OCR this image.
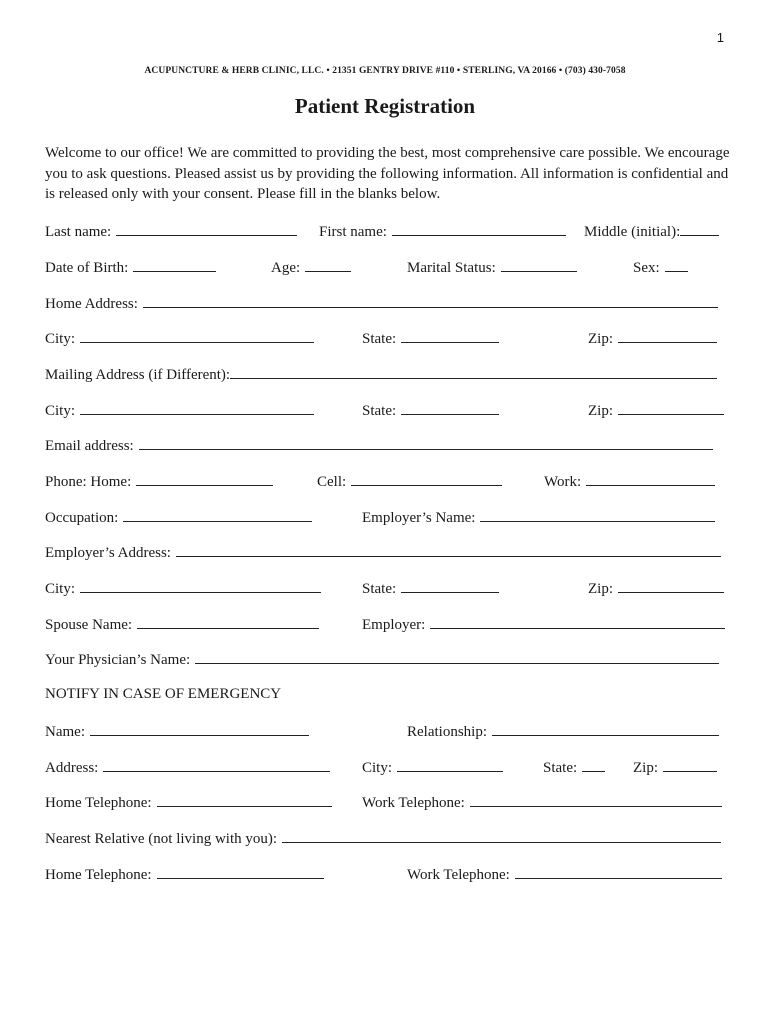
1
ACUPUNCTURE & HERB CLINIC, LLC. • 21351 GENTRY DRIVE #110 • STERLING, VA 20166 • (703) 430-7058
Patient Registration

Welcome to our office! We are committed to providing the best, most comprehensive care possible. We encourage you to ask questions. Pleased assist us by providing the following information. All information is confidential and is released only with your consent. Please fill in the blanks below.

Last name:	First name:	Middle (initial):
Date of Birth:	Age:	Marital Status:	Sex:
Home Address:
City:	State:	Zip:
Mailing Address (if Different):
City:	State:	Zip:
Email address:
Phone: Home:	Cell:	Work:
Occupation:	Employer’s Name:
Employer’s Address:
City:	State:	Zip:
Spouse Name:	Employer:
Your Physician’s Name:
NOTIFY IN CASE OF EMERGENCY
Name:	Relationship:
Address:	City:	State:	Zip:
Home Telephone:	Work Telephone:
Nearest Relative (not living with you):
Home Telephone:	Work Telephone:
